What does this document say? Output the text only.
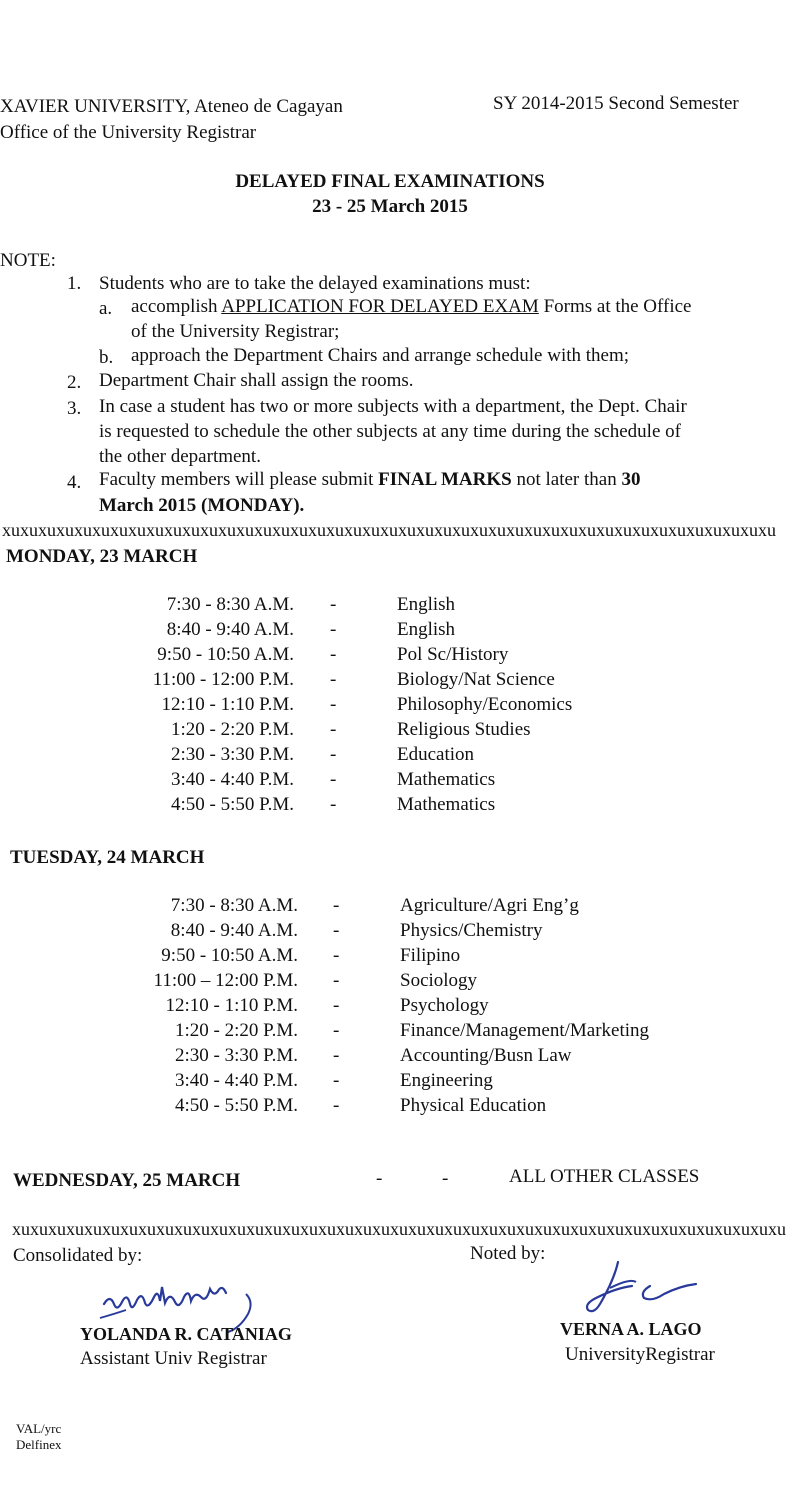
XAVIER UNIVERSITY, Ateneo de Cagayan
Office of the University Registrar
SY 2014-2015 Second Semester
DELAYED FINAL EXAMINATIONS
23 - 25 March 2015
NOTE:
1. Students who are to take the delayed examinations must:
a. accomplish APPLICATION FOR DELAYED EXAM Forms at the Office
of the University Registrar;
b. approach the Department Chairs and arrange schedule with them;
2. Department Chair shall assign the rooms.
3. In case a student has two or more subjects with a department, the Dept. Chair
is requested to schedule the other subjects at any time during the schedule of
the other department.
4. Faculty members will please submit FINAL MARKS not later than 30
March 2015 (MONDAY).
xuxuxuxuxuxuxuxuxuxuxuxuxuxuxuxuxuxuxuxuxuxuxuxuxuxuxuxuxuxuxuxuxuxuxuxuxuxuxuxuxuxuxu
MONDAY, 23 MARCH
7:30 - 8:30 A.M. -	English
8:40 - 9:40 A.M. -	English
9:50 - 10:50 A.M. -	Pol Sc/History
11:00 - 12:00 P.M. -	Biology/Nat Science
12:10 - 1:10 P.M. -	Philosophy/Economics
1:20 - 2:20 P.M. -	Religious Studies
2:30 - 3:30 P.M. -	Education
3:40 - 4:40 P.M. -	Mathematics
4:50 - 5:50 P.M. -	Mathematics
TUESDAY, 24 MARCH
7:30 - 8:30 A.M. -	Agriculture/Agri Eng’g
8:40 - 9:40 A.M. -	Physics/Chemistry
9:50 - 10:50 A.M. -	Filipino
11:00 – 12:00 P.M. -	Sociology
12:10 - 1:10 P.M. -	Psychology
1:20 - 2:20 P.M. -	Finance/Management/Marketing
2:30 - 3:30 P.M. -	Accounting/Busn Law
3:40 - 4:40 P.M. -	Engineering
4:50 - 5:50 P.M. -	Physical Education
WEDNESDAY, 25 MARCH	-	-	ALL OTHER CLASSES
xuxuxuxuxuxuxuxuxuxuxuxuxuxuxuxuxuxuxuxuxuxuxuxuxuxuxuxuxuxuxuxuxuxuxuxuxuxuxuxuxuxuxu
Consolidated by:	Noted by:
YOLANDA R. CATANIAG
Assistant Univ Registrar
VERNA A. LAGO
UniversityRegistrar
VAL/yrc
Delfinex
